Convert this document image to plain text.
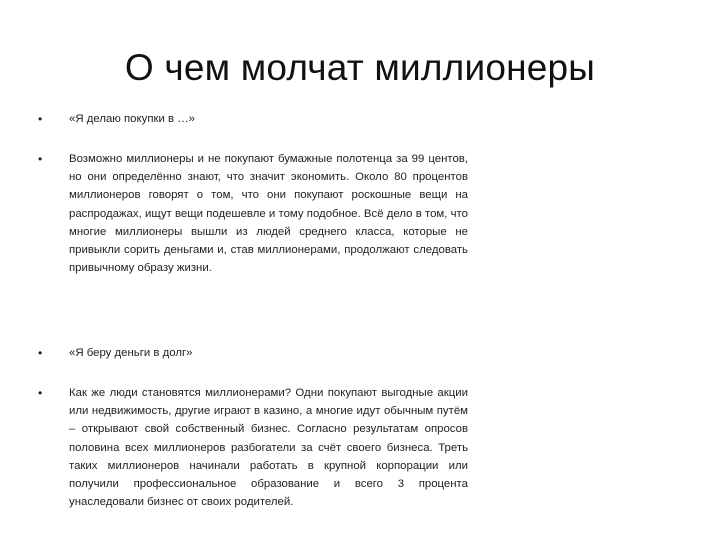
О чем молчат миллионеры
• «Я делаю покупки в …»
• Возможно миллионеры и не покупают бумажные полотенца за 99 центов, но они определённо знают, что значит экономить. Около 80 процентов миллионеров говорят о том, что они покупают роскошные вещи на распродажах, ищут вещи подешевле и тому подобное. Всё дело в том, что многие миллионеры вышли из людей среднего класса, которые не привыкли сорить деньгами и, став миллионерами, продолжают следовать привычному образу жизни.
• «Я беру деньги в долг»
• Как же люди становятся миллионерами? Одни покупают выгодные акции или недвижимость, другие играют в казино, а многие идут обычным путём – открывают свой собственный бизнес. Согласно результатам опросов половина всех миллионеров разбогатели за счёт своего бизнеса. Треть таких миллионеров начинали работать в крупной корпорации или получили профессиональное образование и всего 3 процента унаследовали бизнес от своих родителей.
